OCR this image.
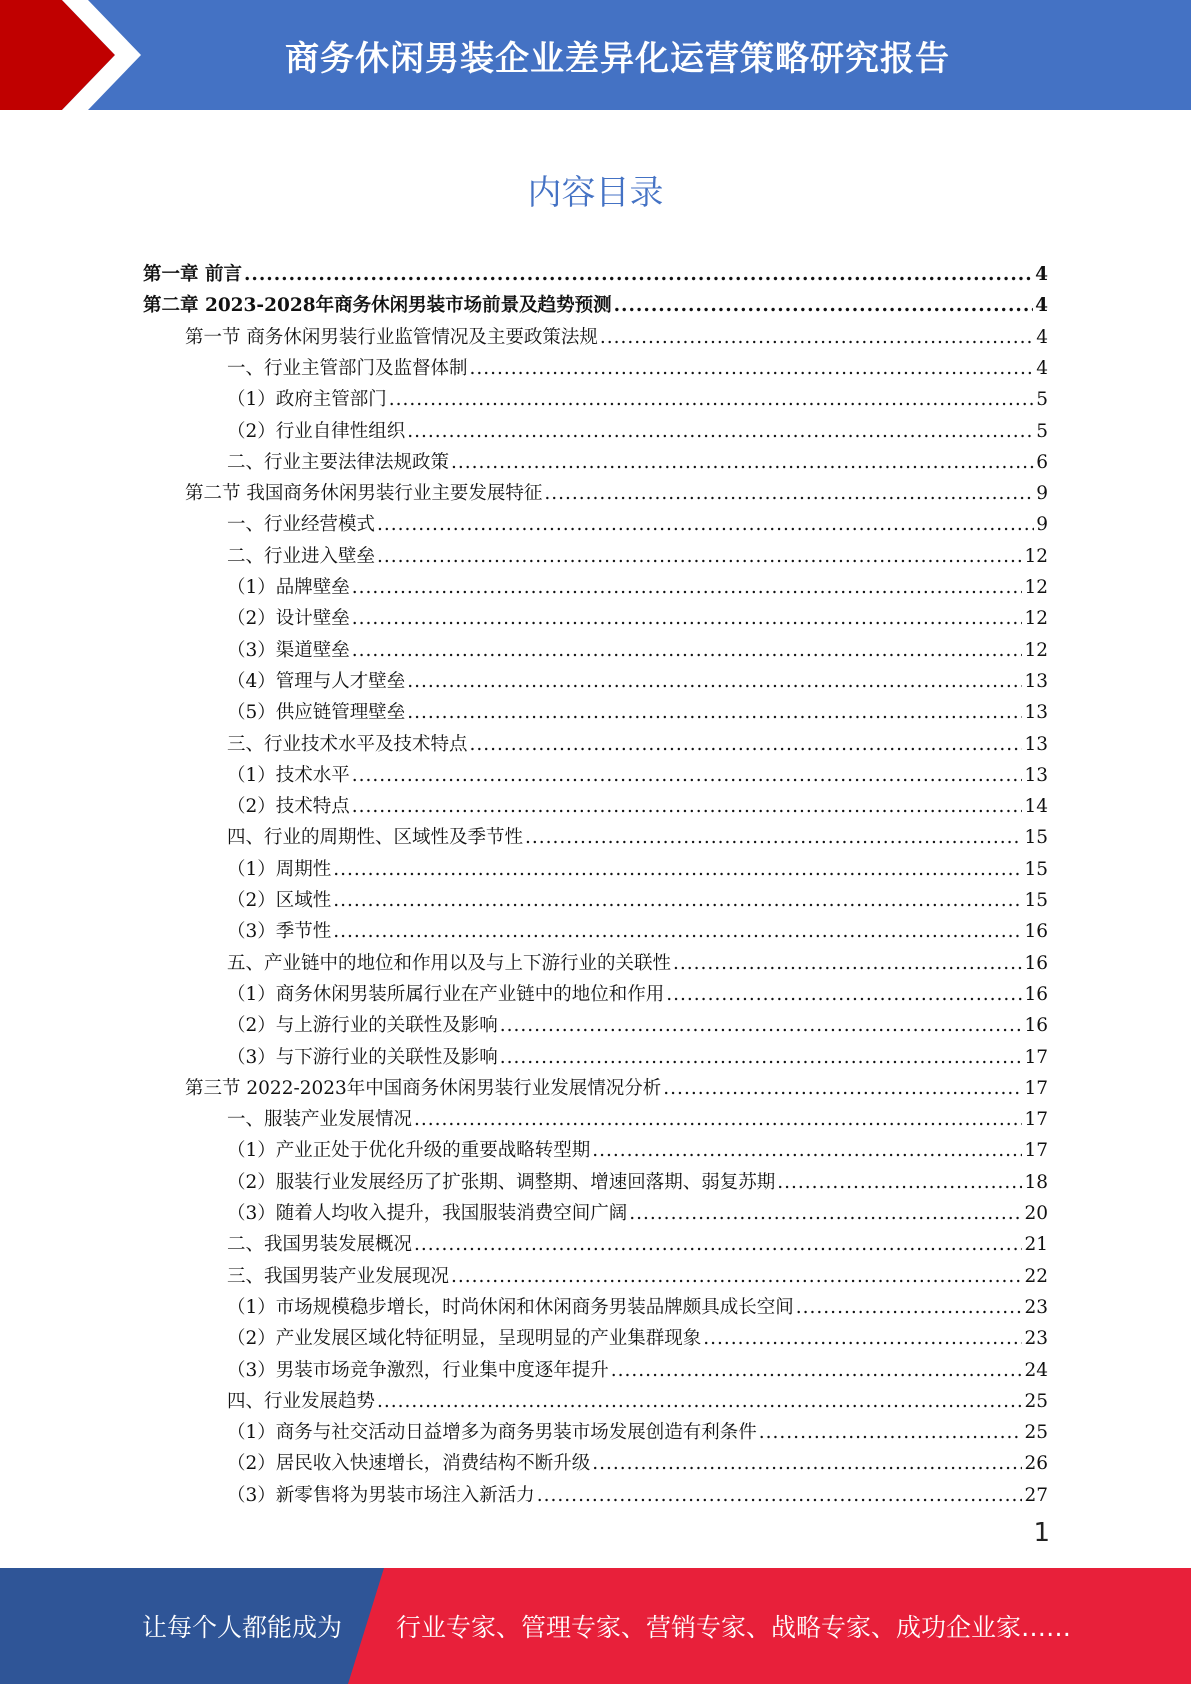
商务休闲男装企业差异化运营策略研究报告
内容目录
第一章 前言 .....	4
第二章 2023-2028年商务休闲男装市场前景及趋势预测 .....	4
第一节 商务休闲男装行业监管情况及主要政策法规 .....	4
一、行业主管部门及监督体制 .....	4
（1）政府主管部门 .....	5
（2）行业自律性组织 .....	5
二、行业主要法律法规政策 .....	6
第二节 我国商务休闲男装行业主要发展特征 .....	9
一、行业经营模式 .....	9
二、行业进入壁垒 .....	12
（1）品牌壁垒 .....	12
（2）设计壁垒 .....	12
（3）渠道壁垒 .....	12
（4）管理与人才壁垒 .....	13
（5）供应链管理壁垒 .....	13
三、行业技术水平及技术特点 .....	13
（1）技术水平 .....	13
（2）技术特点 .....	14
四、行业的周期性、区域性及季节性 .....	15
（1）周期性 .....	15
（2）区域性 .....	15
（3）季节性 .....	16
五、产业链中的地位和作用以及与上下游行业的关联性 .....	16
（1）商务休闲男装所属行业在产业链中的地位和作用 .....	16
（2）与上游行业的关联性及影响 .....	16
（3）与下游行业的关联性及影响 .....	17
第三节 2022-2023年中国商务休闲男装行业发展情况分析 .....	17
一、服装产业发展情况 .....	17
（1）产业正处于优化升级的重要战略转型期 .....	17
（2）服装行业发展经历了扩张期、调整期、增速回落期、弱复苏期 .....	18
（3）随着人均收入提升，我国服装消费空间广阔 .....	20
二、我国男装发展概况 .....	21
三、我国男装产业发展现况 .....	22
（1）市场规模稳步增长，时尚休闲和休闲商务男装品牌颇具成长空间 .....	23
（2）产业发展区域化特征明显，呈现明显的产业集群现象 .....	23
（3）男装市场竞争激烈，行业集中度逐年提升 .....	24
四、行业发展趋势 .....	25
（1）商务与社交活动日益增多为商务男装市场发展创造有利条件 .....	25
（2）居民收入快速增长，消费结构不断升级 .....	26
（3）新零售将为男装市场注入新活力 .....	27
1
让每个人都能成为 行业专家、管理专家、营销专家、战略专家、成功企业家……
